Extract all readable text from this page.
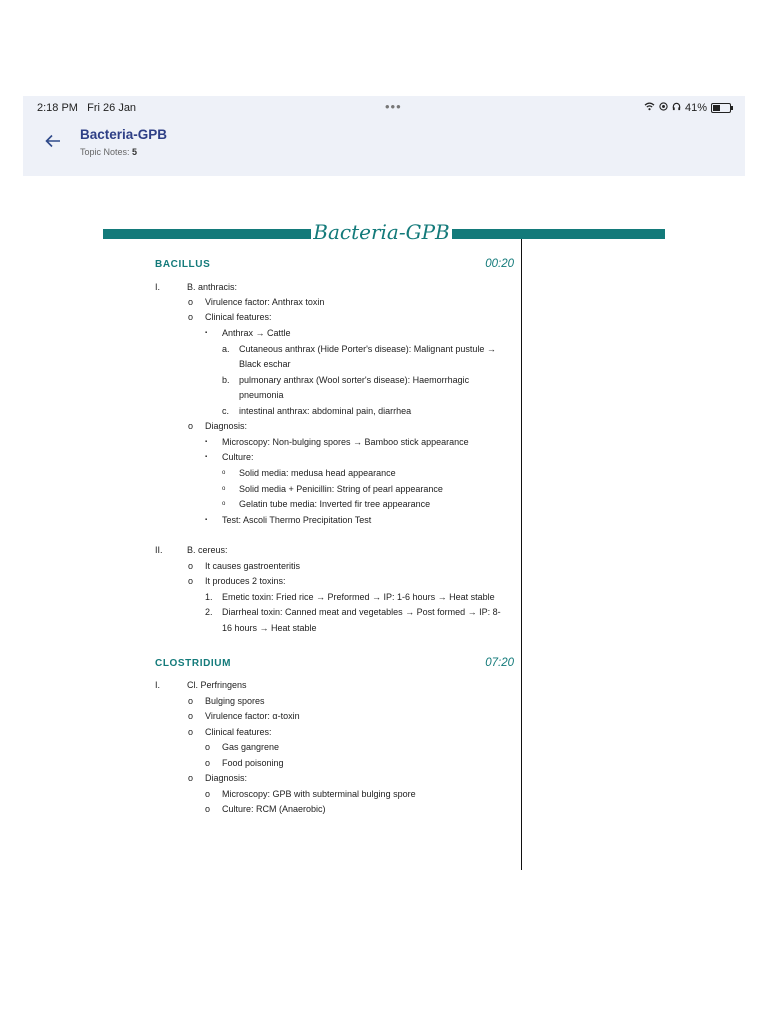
2:18 PM Fri 26 Jan	•••	41%
Bacteria-GPB
Topic Notes: 5
Bacteria-GPB
BACILLUS	00:20
CLOSTRIDIUM	07:20
I.	B. anthracis:
o Virulence factor: Anthrax toxin
o Clinical features:
▪ Anthrax → Cattle
a. Cutaneous anthrax (Hide Porter's disease): Malignant pustule →
Black eschar
b. pulmonary anthrax (Wool sorter's disease): Haemorrhagic
pneumonia
c. intestinal anthrax: abdominal pain, diarrhea
o Diagnosis:
▪ Microscopy: Non-bulging spores → Bamboo stick appearance
▪ Culture:
o Solid media: medusa head appearance
o Solid media + Penicillin: String of pearl appearance
o Gelatin tube media: Inverted fir tree appearance
▪ Test: Ascoli Thermo Precipitation Test
II.	B. cereus:
o It causes gastroenteritis
o It produces 2 toxins:
1. Emetic toxin: Fried rice → Preformed → IP: 1-6 hours → Heat stable
2. Diarrheal toxin: Canned meat and vegetables → Post formed → IP: 8-
16 hours → Heat stable
I.	Cl. Perfringens
o Bulging spores
o Virulence factor: α-toxin
o Clinical features:
o Gas gangrene
o Food poisoning
o Diagnosis:
o Microscopy: GPB with subterminal bulging spore
o Culture: RCM (Anaerobic)
